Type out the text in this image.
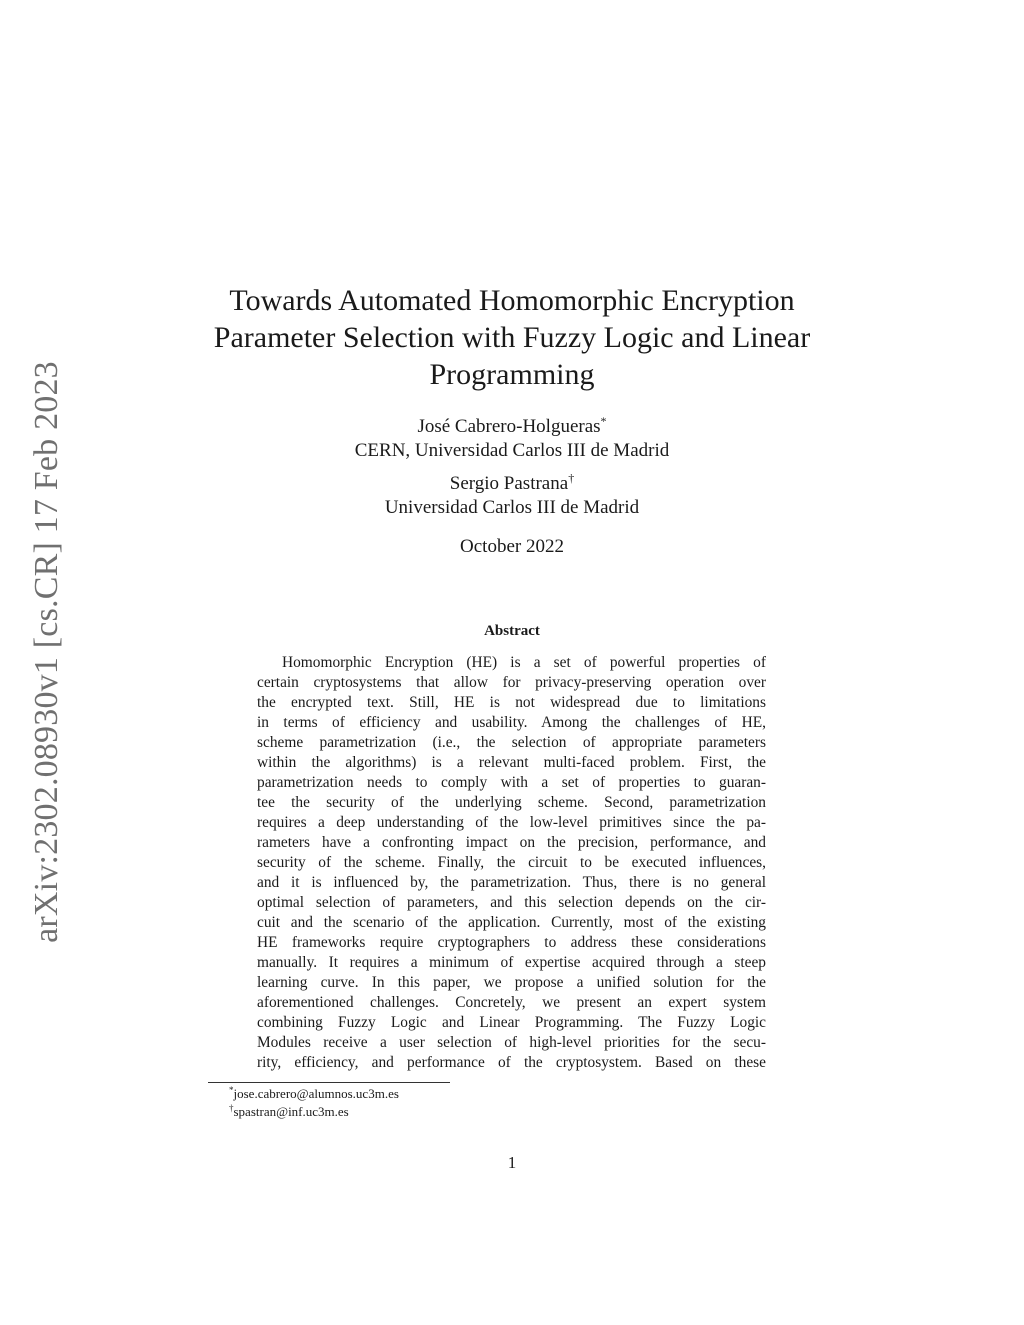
arXiv:2302.08930v1 [cs.CR] 17 Feb 2023
Towards Automated Homomorphic Encryption
Parameter Selection with Fuzzy Logic and Linear
Programming
José Cabrero-Holgueras*
CERN, Universidad Carlos III de Madrid
Sergio Pastrana†
Universidad Carlos III de Madrid
October 2022
Abstract
Homomorphic Encryption (HE) is a set of powerful properties of
certain cryptosystems that allow for privacy-preserving operation over
the encrypted text. Still, HE is not widespread due to limitations
in terms of efficiency and usability. Among the challenges of HE,
scheme parametrization (i.e., the selection of appropriate parameters
within the algorithms) is a relevant multi-faced problem. First, the
parametrization needs to comply with a set of properties to guaran-
tee the security of the underlying scheme. Second, parametrization
requires a deep understanding of the low-level primitives since the pa-
rameters have a confronting impact on the precision, performance, and
security of the scheme. Finally, the circuit to be executed influences,
and it is influenced by, the parametrization. Thus, there is no general
optimal selection of parameters, and this selection depends on the cir-
cuit and the scenario of the application. Currently, most of the existing
HE frameworks require cryptographers to address these considerations
manually. It requires a minimum of expertise acquired through a steep
learning curve. In this paper, we propose a unified solution for the
aforementioned challenges. Concretely, we present an expert system
combining Fuzzy Logic and Linear Programming. The Fuzzy Logic
Modules receive a user selection of high-level priorities for the secu-
rity, efficiency, and performance of the cryptosystem. Based on these
*jose.cabrero@alumnos.uc3m.es
†spastran@inf.uc3m.es
1
